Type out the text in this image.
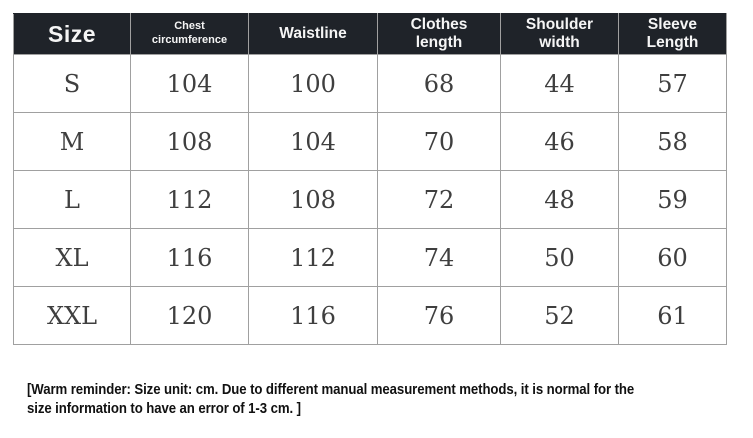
Size	Chest circumference	Waistline	Clothes length	Shoulder width	Sleeve Length
S	104	100	68	44	57
M	108	104	70	46	58
L	112	108	72	48	59
XL	116	112	74	50	60
XXL	120	116	76	52	61
[Warm reminder: Size unit: cm. Due to different manual measurement methods, it is normal for the
size information to have an error of 1-3 cm. ]
